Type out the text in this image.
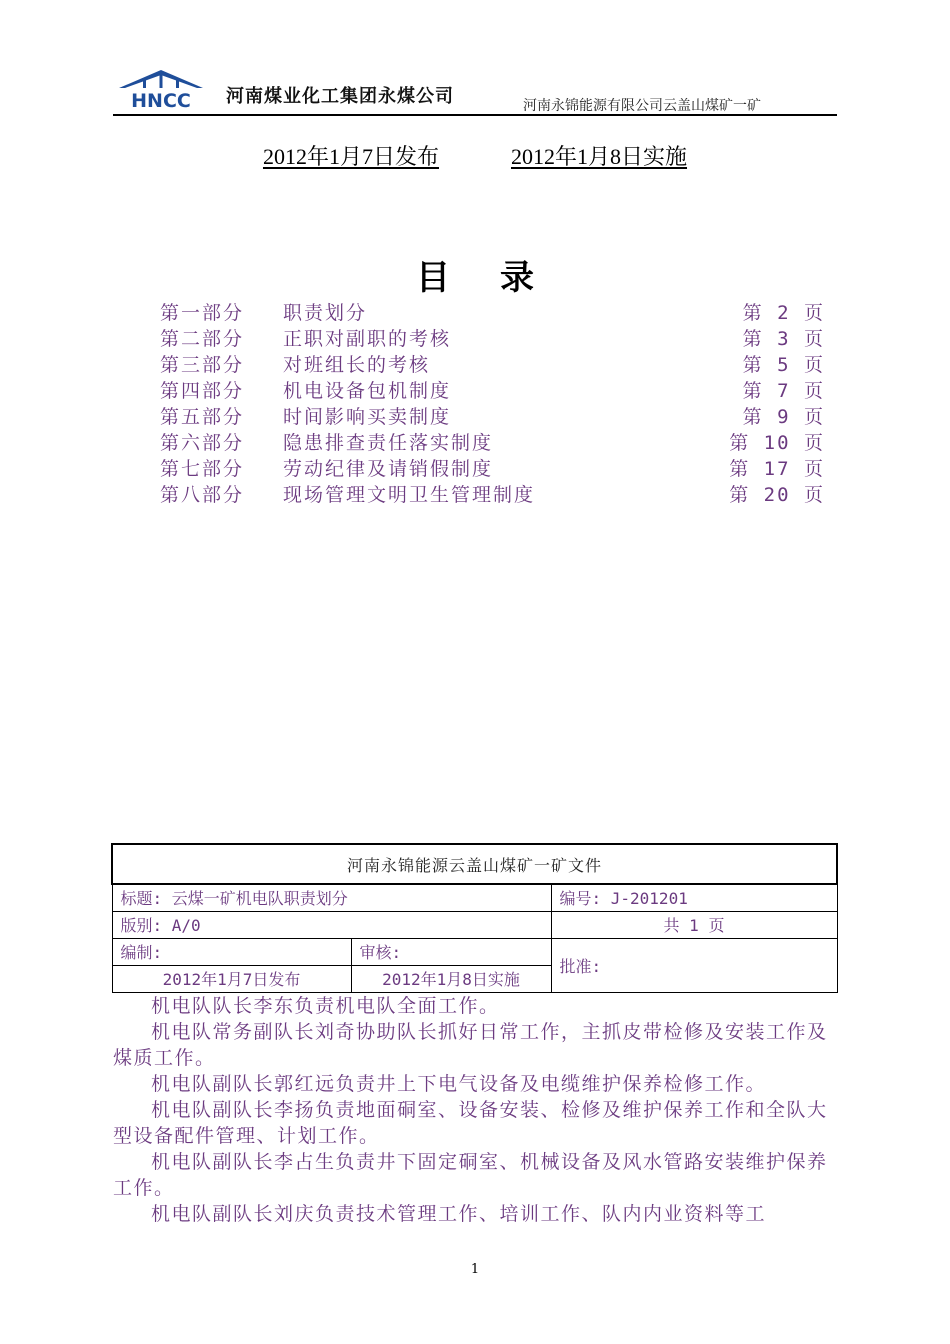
HNCC 河南煤业化工集团永煤公司	河南永锦能源有限公司云盖山煤矿一矿
2012年1月7日发布	2012年1月8日实施
目录
第一部分 职责划分	第 2 页
第二部分 正职对副职的考核	第 3 页
第三部分 对班组长的考核	第 5 页
第四部分 机电设备包机制度	第 7 页
第五部分 时间影响买卖制度	第 9 页
第六部分 隐患排查责任落实制度	第 10 页
第七部分 劳动纪律及请销假制度	第 17 页
第八部分 现场管理文明卫生管理制度	第 20 页
河南永锦能源云盖山煤矿一矿文件		
标题: 云煤一矿机电队职责划分		编号: J-201201
版别: A/0		共 1 页
编制:	审核:	批准:
2012年1月7日发布	2012年1月8日实施	

机电队队长李东负责机电队全面工作。

机电队常务副队长刘奇协助队长抓好日常工作，主抓皮带检修及安装工作及煤质工作。

机电队副队长郭红远负责井上下电气设备及电缆维护保养检修工作。

机电队副队长李扬负责地面硐室、设备安装、检修及维护保养工作和全队大型设备配件管理、计划工作。

机电队副队长李占生负责井下固定硐室、机械设备及风水管路安装维护保养工作。

机电队副队长刘庆负责技术管理工作、培训工作、队内内业资料等工

1
